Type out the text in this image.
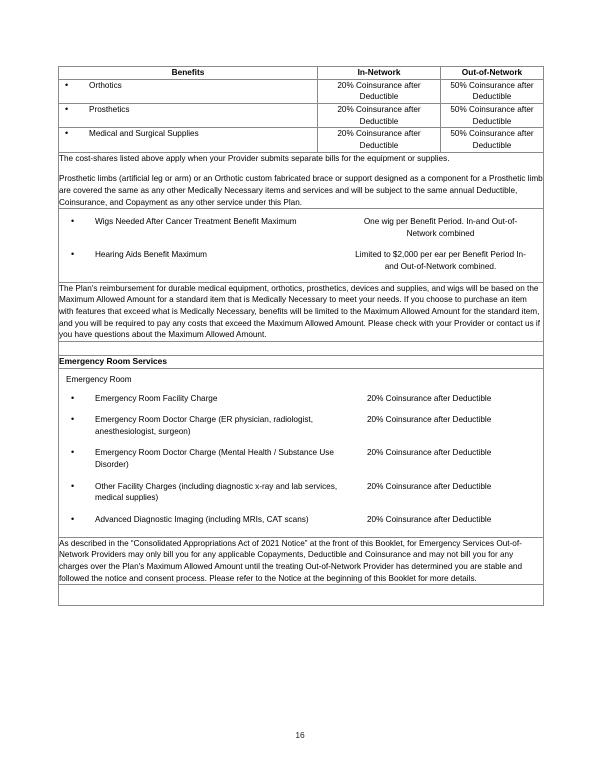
Benefits	In-Network	Out-of-Network

• Orthotics	20% Coinsurance after Deductible	50% Coinsurance after Deductible

• Prosthetics	20% Coinsurance after Deductible	50% Coinsurance after Deductible

• Medical and Surgical Supplies	20% Coinsurance after Deductible	50% Coinsurance after Deductible

The cost-shares listed above apply when your Provider submits separate bills for the equipment or supplies.

Prosthetic limbs (artificial leg or arm) or an Orthotic custom fabricated brace or support designed as a component for a Prosthetic limb are covered the same as any other Medically Necessary items and services and will be subject to the same annual Deductible, Coinsurance, and Copayment as any other service under this Plan.		

•	Wigs Needed After Cancer Treatment Benefit Maximum	One wig per Benefit Period. In-and Out-of-Network combined
•	Hearing Aids Benefit Maximum	Limited to $2,000 per ear per Benefit Period In- and Out-of-Network combined.

The Plan's reimbursement for durable medical equipment, orthotics, prosthetics, devices and supplies, and wigs will be based on the Maximum Allowed Amount for a standard item that is Medically Necessary to meet your needs. If you choose to purchase an item with features that exceed what is Medically Necessary, benefits will be limited to the Maximum Allowed Amount for the standard item, and you will be required to pay any costs that exceed the Maximum Allowed Amount. Please check with your Provider or contact us if you have questions about the Maximum Allowed Amount.		

Emergency Room Services		

Emergency Room
•	Emergency Room Facility Charge	20% Coinsurance after Deductible
•	Emergency Room Doctor Charge (ER physician, radiologist, anesthesiologist, surgeon)
20% Coinsurance after Deductible
•	Emergency Room Doctor Charge (Mental Health / Substance Use Disorder)
20% Coinsurance after Deductible
•	Other Facility Charges (including diagnostic x-ray and lab services, medical supplies)
20% Coinsurance after Deductible
•	Advanced Diagnostic Imaging (including MRIs, CAT scans)	20% Coinsurance after Deductible

As described in the “Consolidated Appropriations Act of 2021 Notice” at the front of this Booklet, for Emergency Services Out-of-Network Providers may only bill you for any applicable Copayments, Deductible and Coinsurance and may not bill you for any charges over the Plan's Maximum Allowed Amount until the treating Out-of-Network Provider has determined you are stable and followed the notice and consent process. Please refer to the Notice at the beginning of this Booklet for more details.		

16
